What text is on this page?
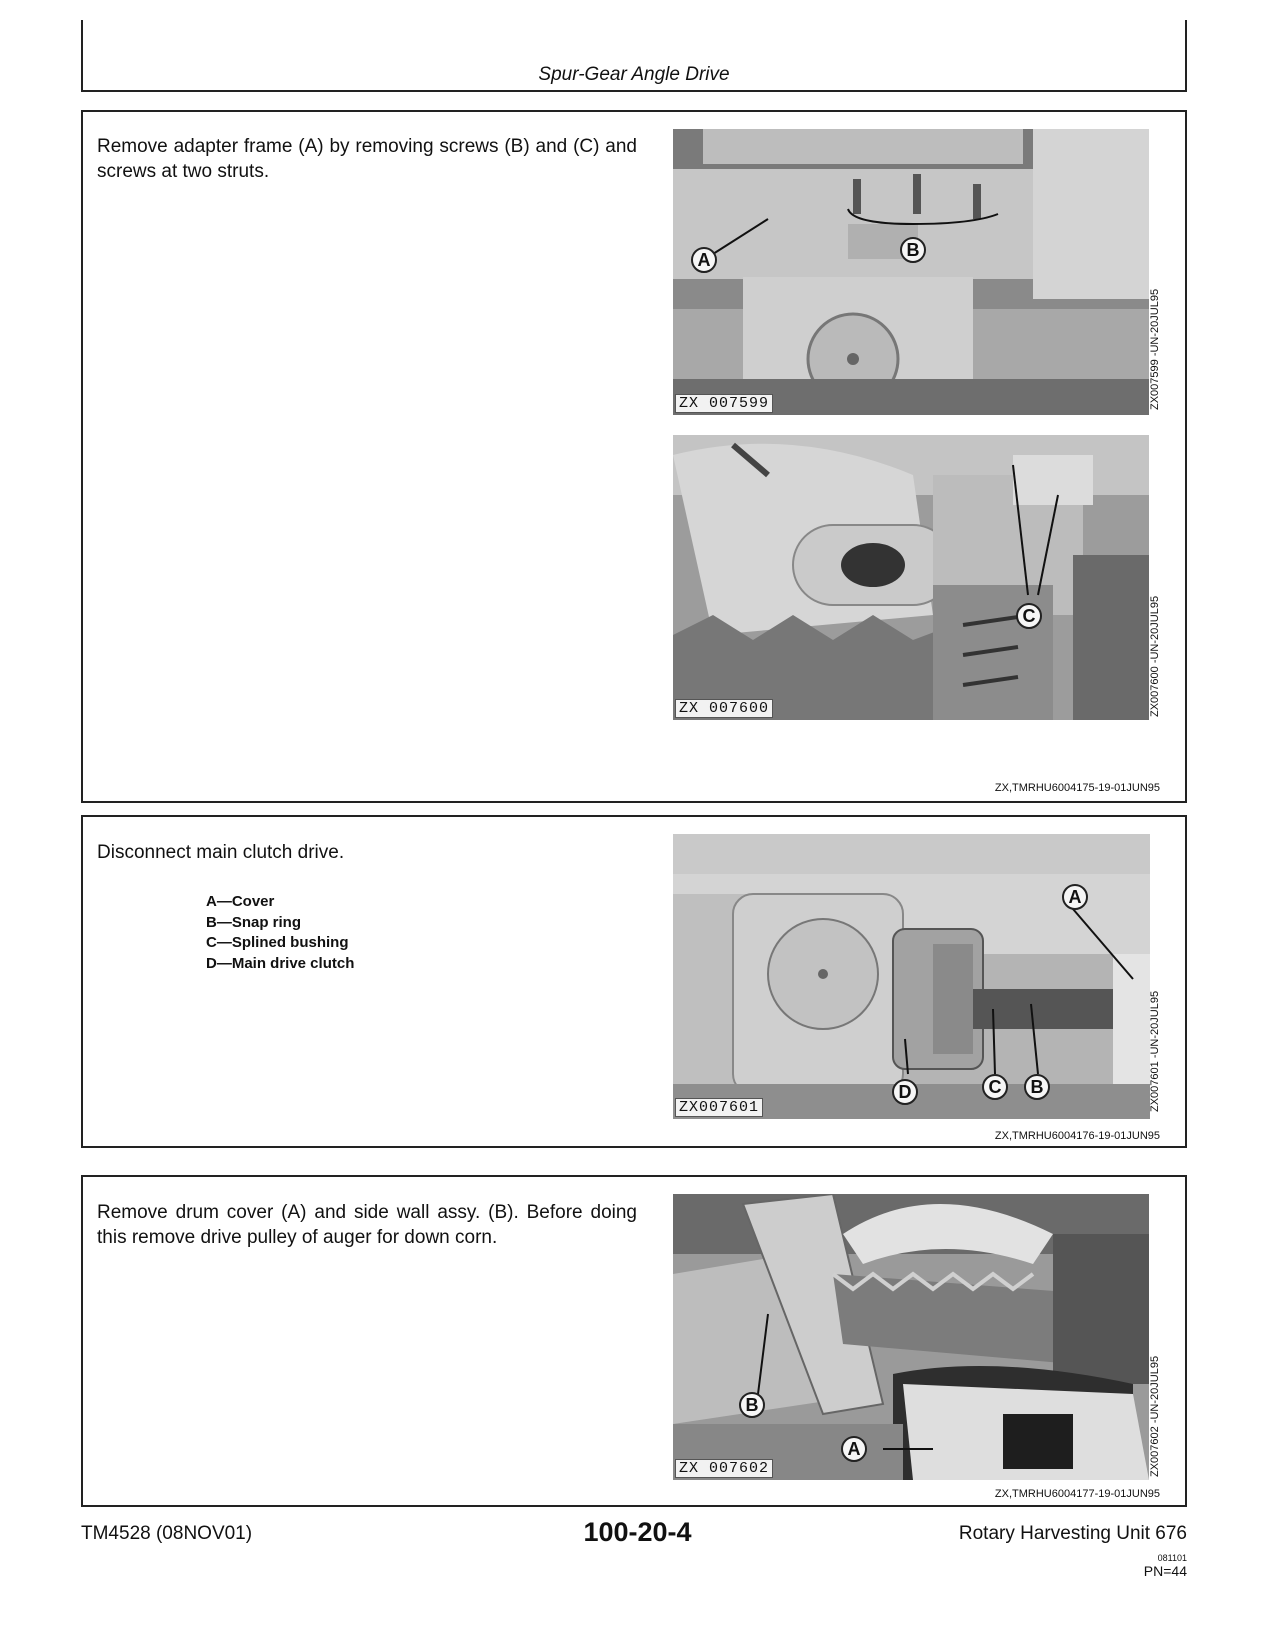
Spur-Gear Angle Drive
Remove adapter frame (A) by removing screws (B) and (C) and screws at two struts.
A	B
ZX 007599	ZX007599 -UN-20JUL95
C
ZX 007600	ZX007600 -UN-20JUL95
ZX,TMRHU6004175-19-01JUN95
Disconnect main clutch drive.
A—Cover
B—Snap ring
C—Splined bushing
D—Main drive clutch
A
D	C	B
ZX007601	ZX007601 -UN-20JUL95
ZX,TMRHU6004176-19-01JUN95
Remove drum cover (A) and side wall assy. (B). Before doing this remove drive pulley of auger for down corn.
B
A
ZX 007602	ZX007602 -UN-20JUL95
ZX,TMRHU6004177-19-01JUN95
TM4528 (08NOV01)	100-20-4	Rotary Harvesting Unit 676
081101
PN=44
